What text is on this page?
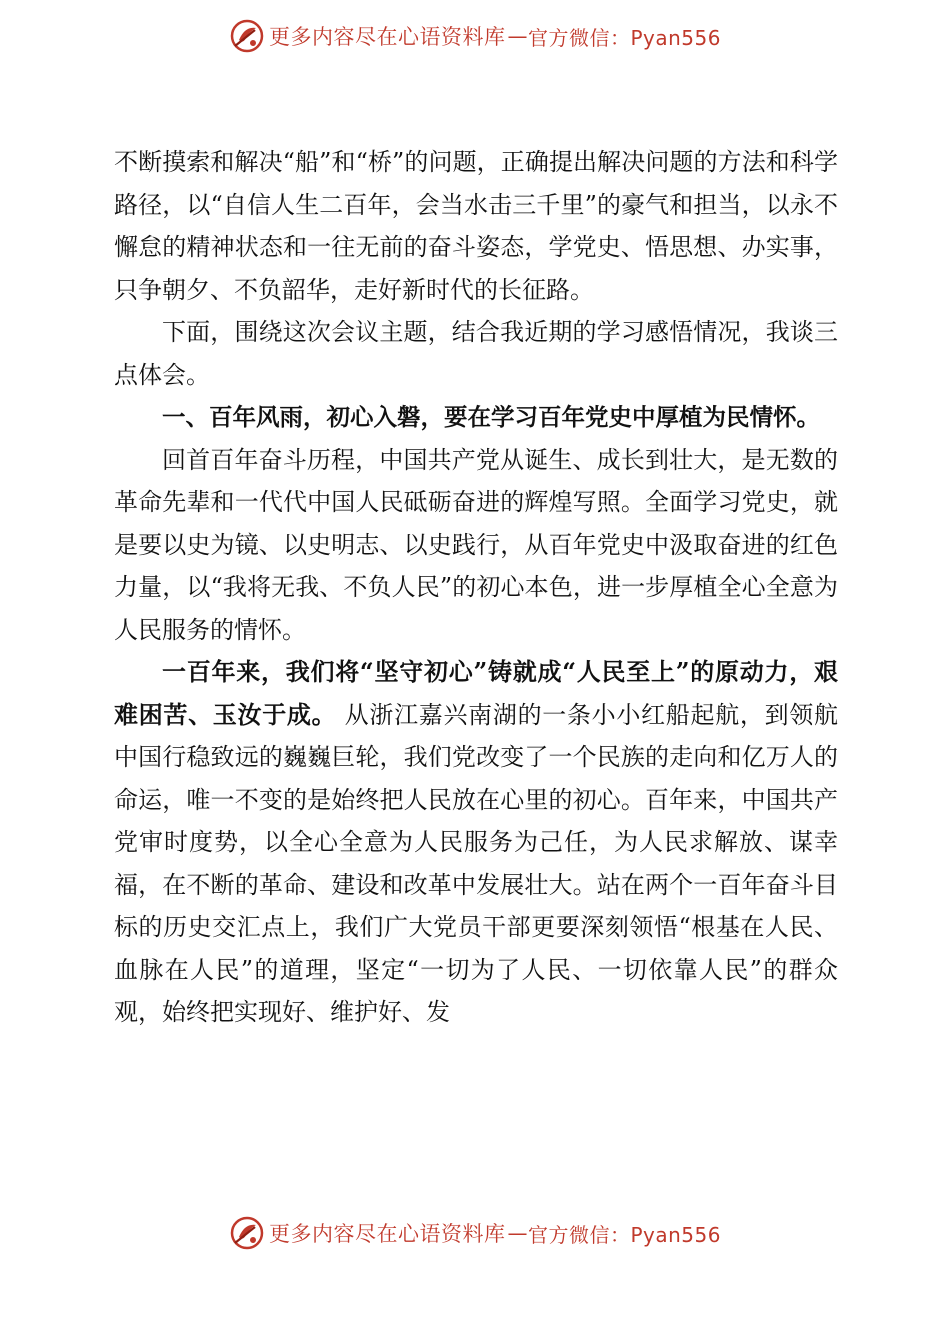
更多内容尽在心语资料库 — 官方微信：Pyan556

不断摸索和解决“船”和“桥”的问题，正确提出解决问题的方法和科学路径，以“自信人生二百年，会当水击三千里”的豪气和担当，以永不懈怠的精神状态和一往无前的奋斗姿态，学党史、悟思想、办实事，只争朝夕、不负韶华，走好新时代的长征路。

下面，围绕这次会议主题，结合我近期的学习感悟情况，我谈三点体会。

一、百年风雨，初心入磐，要在学习百年党史中厚植为民情怀。

回首百年奋斗历程，中国共产党从诞生、成长到壮大，是无数的革命先辈和一代代中国人民砥砺奋进的辉煌写照。全面学习党史，就是要以史为镜、以史明志、以史践行，从百年党史中汲取奋进的红色力量，以“我将无我、不负人民”的初心本色，进一步厚植全心全意为人民服务的情怀。

一百年来，我们将“坚守初心”铸就成“人民至上”的原动力，艰难困苦、玉汝于成。 从浙江嘉兴南湖的一条小小红船起航，到领航中国行稳致远的巍巍巨轮，我们党改变了一个民族的走向和亿万人的命运，唯一不变的是始终把人民放在心里的初心。百年来，中国共产党审时度势，以全心全意为人民服务为己任，为人民求解放、谋幸福，在不断的革命、建设和改革中发展壮大。站在两个一百年奋斗目标的历史交汇点上，我们广大党员干部更要深刻领悟“根基在人民、血脉在人民”的道理，坚定“一切为了人民、一切依靠人民”的群众观，始终把实现好、维护好、发

更多内容尽在心语资料库 — 官方微信：Pyan556
